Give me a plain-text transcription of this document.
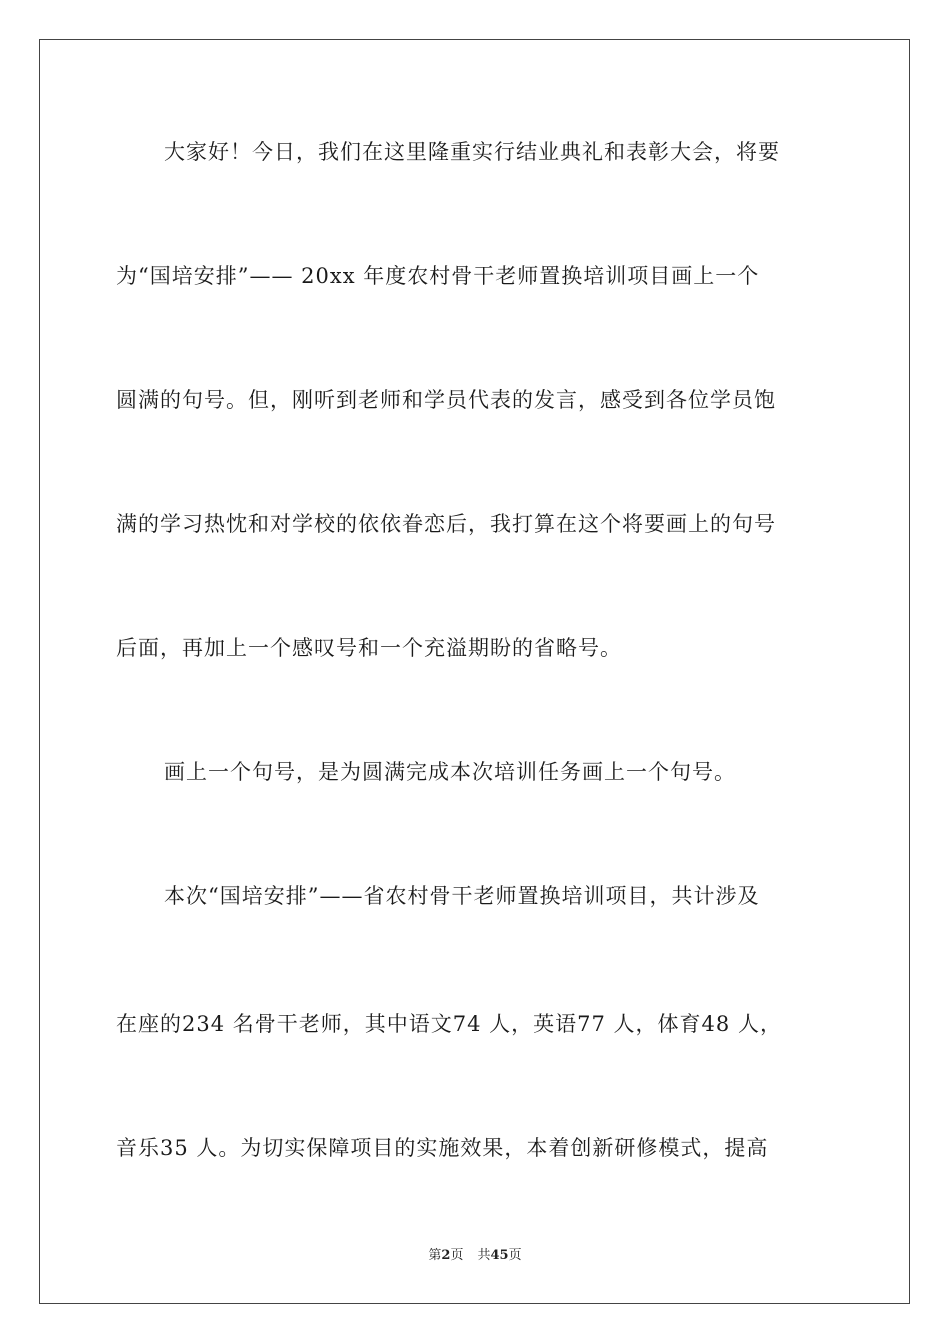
大家好！今日，我们在这里隆重实行结业典礼和表彰大会，将要
为“国培安排”—— 20xx 年度农村骨干老师置换培训项目画上一个
圆满的句号。但，刚听到老师和学员代表的发言，感受到各位学员饱
满的学习热忱和对学校的依依眷恋后，我打算在这个将要画上的句号
后面，再加上一个感叹号和一个充溢期盼的省略号。
画上一个句号，是为圆满完成本次培训任务画上一个句号。
本次“国培安排”——省农村骨干老师置换培训项目，共计涉及
在座的234 名骨干老师，其中语文74 人，英语77 人，体育48 人，
音乐35 人。为切实保障项目的实施效果，本着创新研修模式，提高
第2页 共45页
